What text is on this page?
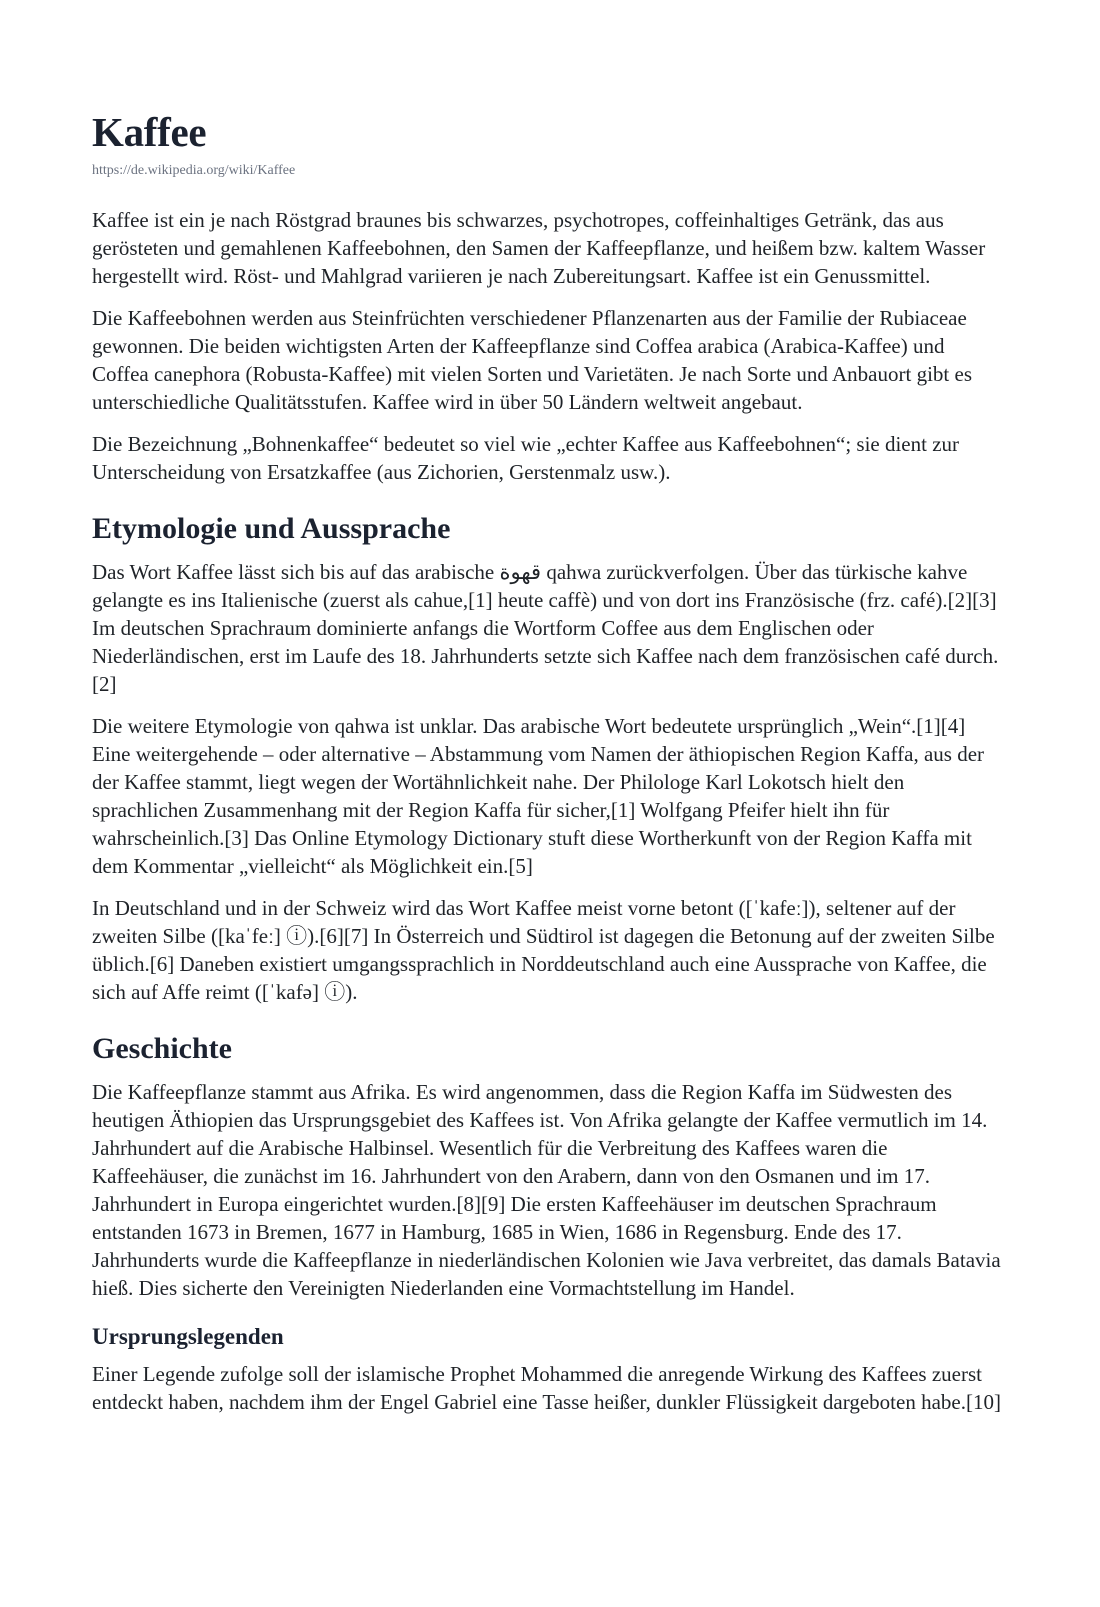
Kaffee
https://de.wikipedia.org/wiki/Kaffee

Kaffee ist ein je nach Röstgrad braunes bis schwarzes, psychotropes, coffeinhaltiges Getränk, das aus gerösteten und gemahlenen Kaffeebohnen, den Samen der Kaffeepflanze, und heißem bzw. kaltem Wasser hergestellt wird. Röst- und Mahlgrad variieren je nach Zubereitungsart. Kaffee ist ein Genussmittel.

Die Kaffeebohnen werden aus Steinfrüchten verschiedener Pflanzenarten aus der Familie der Rubiaceae gewonnen. Die beiden wichtigsten Arten der Kaffeepflanze sind Coffea arabica (Arabica-Kaffee) und Coffea canephora (Robusta-Kaffee) mit vielen Sorten und Varietäten. Je nach Sorte und Anbauort gibt es unterschiedliche Qualitätsstufen. Kaffee wird in über 50 Ländern weltweit angebaut.

Die Bezeichnung „Bohnenkaffee“ bedeutet so viel wie „echter Kaffee aus Kaffeebohnen“; sie dient zur Unterscheidung von Ersatzkaffee (aus Zichorien, Gerstenmalz usw.).

Etymologie und Aussprache

Das Wort Kaffee lässt sich bis auf das arabische قهوة qahwa zurückverfolgen. Über das türkische kahve gelangte es ins Italienische (zuerst als cahue,[1] heute caffè) und von dort ins Französische (frz. café).[2][3] Im deutschen Sprachraum dominierte anfangs die Wortform Coffee aus dem Englischen oder Niederländischen, erst im Laufe des 18. Jahrhunderts setzte sich Kaffee nach dem französischen café durch.[2]

Die weitere Etymologie von qahwa ist unklar. Das arabische Wort bedeutete ursprünglich „Wein“.[1][4] Eine weitergehende – oder alternative – Abstammung vom Namen der äthiopischen Region Kaffa, aus der der Kaffee stammt, liegt wegen der Wortähnlichkeit nahe. Der Philologe Karl Lokotsch hielt den sprachlichen Zusammenhang mit der Region Kaffa für sicher,[1] Wolfgang Pfeifer hielt ihn für wahrscheinlich.[3] Das Online Etymology Dictionary stuft diese Wortherkunft von der Region Kaffa mit dem Kommentar „vielleicht“ als Möglichkeit ein.[5]

In Deutschland und in der Schweiz wird das Wort Kaffee meist vorne betont ([ˈkafeː]), seltener auf der zweiten Silbe ([kaˈfeː] ⓘ).[6][7] In Österreich und Südtirol ist dagegen die Betonung auf der zweiten Silbe üblich.[6] Daneben existiert umgangssprachlich in Norddeutschland auch eine Aussprache von Kaffee, die sich auf Affe reimt ([ˈkafə] ⓘ).

Geschichte

Die Kaffeepflanze stammt aus Afrika. Es wird angenommen, dass die Region Kaffa im Südwesten des heutigen Äthiopien das Ursprungsgebiet des Kaffees ist. Von Afrika gelangte der Kaffee vermutlich im 14. Jahrhundert auf die Arabische Halbinsel. Wesentlich für die Verbreitung des Kaffees waren die Kaffeehäuser, die zunächst im 16. Jahrhundert von den Arabern, dann von den Osmanen und im 17. Jahrhundert in Europa eingerichtet wurden.[8][9] Die ersten Kaffeehäuser im deutschen Sprachraum entstanden 1673 in Bremen, 1677 in Hamburg, 1685 in Wien, 1686 in Regensburg. Ende des 17. Jahrhunderts wurde die Kaffeepflanze in niederländischen Kolonien wie Java verbreitet, das damals Batavia hieß. Dies sicherte den Vereinigten Niederlanden eine Vormachtstellung im Handel.

Ursprungslegenden

Einer Legende zufolge soll der islamische Prophet Mohammed die anregende Wirkung des Kaffees zuerst entdeckt haben, nachdem ihm der Engel Gabriel eine Tasse heißer, dunkler Flüssigkeit dargeboten habe.[10]
